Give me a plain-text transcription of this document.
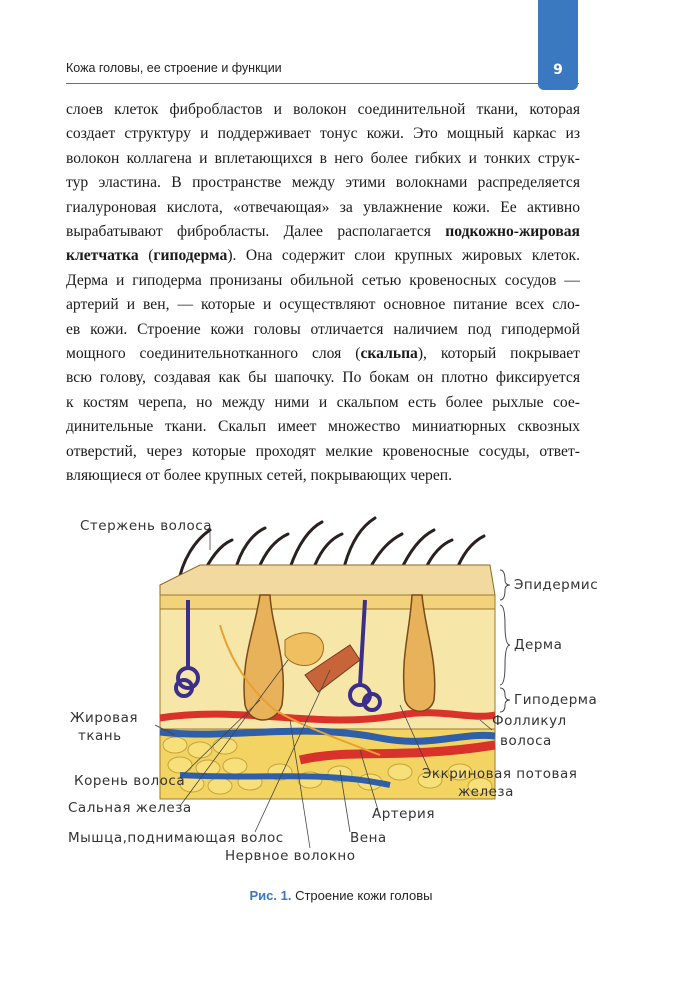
9
Кожа головы, ее строение и функции
слоев клеток фибробластов и волокон соединительной ткани, которая
создает структуру и поддерживает тонус кожи. Это мощный каркас из
волокон коллагена и вплетающихся в него более гибких и тонких струк-
тур эластина. В пространстве между этими волокнами распределяется
гиалуроновая кислота, «отвечающая» за увлажнение кожи. Ее активно
вырабатывают фибробласты. Далее располагается подкожно-жировая
клетчатка (гиподерма). Она содержит слои крупных жировых клеток.
Дерма и гиподерма пронизаны обильной сетью кровеносных сосудов —
артерий и вен, — которые и осуществляют основное питание всех сло-
ев кожи. Строение кожи головы отличается наличием под гиподермой
мощного соединительнотканного слоя (скальпа), который покрывает
всю голову, создавая как бы шапочку. По бокам он плотно фиксируется
к костям черепа, но между ними и скальпом есть более рыхлые сое-
динительные ткани. Скальп имеет множество миниатюрных сквозных
отверстий, через которые проходят мелкие кровеносные сосуды, ответ-
вляющиеся от более крупных сетей, покрывающих череп.
Стержень волоса
Эпидермис
Дерма
Гиподерма
Жировая
ткань
Фолликул
волоса
Корень волоса	Эккриновая потовая
железа
Сальная железа	Артерия
Мышца,поднимающая волос	Вена
Нервное волокно
Рис. 1. Строение кожи головы
